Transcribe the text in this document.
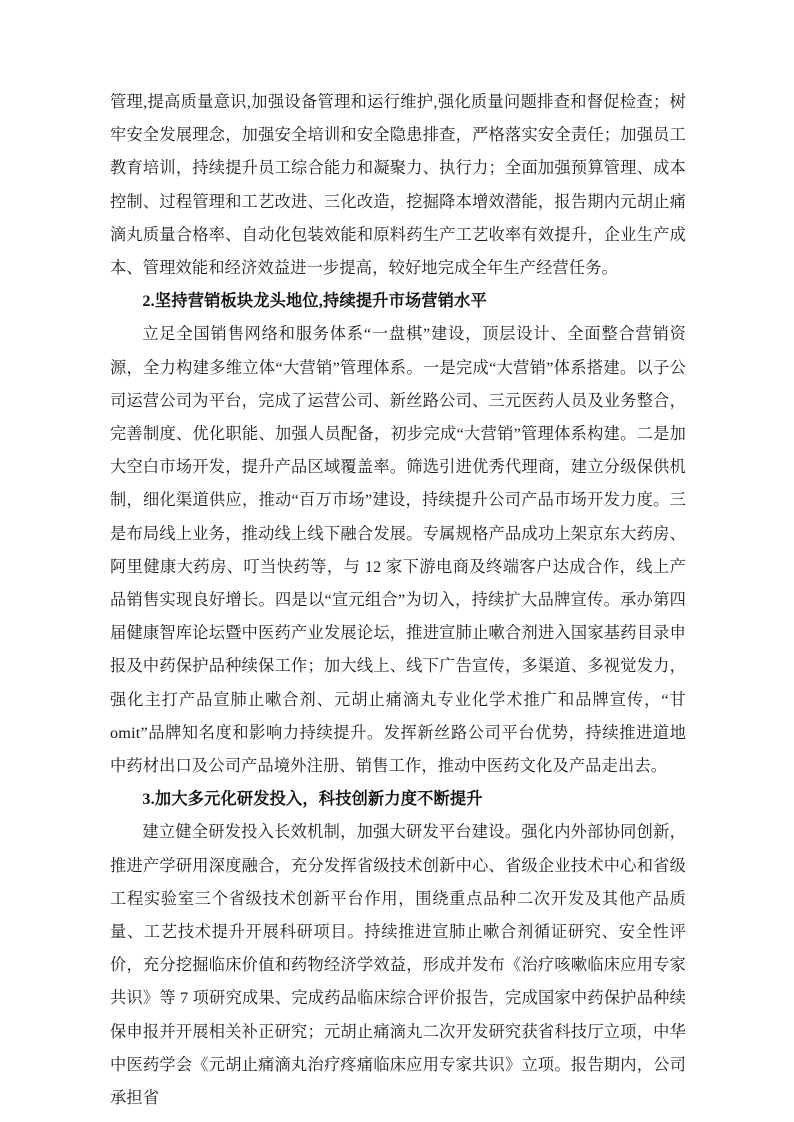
管理,提高质量意识,加强设备管理和运行维护,强化质量问题排查和督促检查；树牢安全发展理念，加强安全培训和安全隐患排查，严格落实安全责任；加强员工教育培训，持续提升员工综合能力和凝聚力、执行力；全面加强预算管理、成本控制、过程管理和工艺改进、三化改造，挖掘降本增效潜能，报告期内元胡止痛滴丸质量合格率、自动化包装效能和原料药生产工艺收率有效提升，企业生产成本、管理效能和经济效益进一步提高，较好地完成全年生产经营任务。

2.坚持营销板块龙头地位,持续提升市场营销水平

立足全国销售网络和服务体系“一盘棋”建设，顶层设计、全面整合营销资源，全力构建多维立体“大营销”管理体系。一是完成“大营销”体系搭建。以子公司运营公司为平台，完成了运营公司、新丝路公司、三元医药人员及业务整合，完善制度、优化职能、加强人员配备，初步完成“大营销”管理体系构建。二是加大空白市场开发，提升产品区域覆盖率。筛选引进优秀代理商，建立分级保供机制，细化渠道供应，推动“百万市场”建设，持续提升公司产品市场开发力度。三是布局线上业务，推动线上线下融合发展。专属规格产品成功上架京东大药房、阿里健康大药房、叮当快药等，与 12 家下游电商及终端客户达成合作，线上产品销售实现良好增长。四是以“宣元组合”为切入，持续扩大品牌宣传。承办第四届健康智库论坛暨中医药产业发展论坛，推进宣肺止嗽合剂进入国家基药目录申报及中药保护品种续保工作；加大线上、线下广告宣传，多渠道、多视觉发力，强化主打产品宣肺止嗽合剂、元胡止痛滴丸专业化学术推广和品牌宣传，“甘omit”品牌知名度和影响力持续提升。发挥新丝路公司平台优势，持续推进道地中药材出口及公司产品境外注册、销售工作，推动中医药文化及产品走出去。

3.加大多元化研发投入，科技创新力度不断提升

建立健全研发投入长效机制，加强大研发平台建设。强化内外部协同创新，推进产学研用深度融合，充分发挥省级技术创新中心、省级企业技术中心和省级工程实验室三个省级技术创新平台作用，围绕重点品种二次开发及其他产品质量、工艺技术提升开展科研项目。持续推进宣肺止嗽合剂循证研究、安全性评价，充分挖掘临床价值和药物经济学效益，形成并发布《治疗咳嗽临床应用专家共识》等 7 项研究成果、完成药品临床综合评价报告，完成国家中药保护品种续保申报并开展相关补正研究；元胡止痛滴丸二次开发研究获省科技厅立项，中华中医药学会《元胡止痛滴丸治疗疼痛临床应用专家共识》立项。报告期内，公司承担省
